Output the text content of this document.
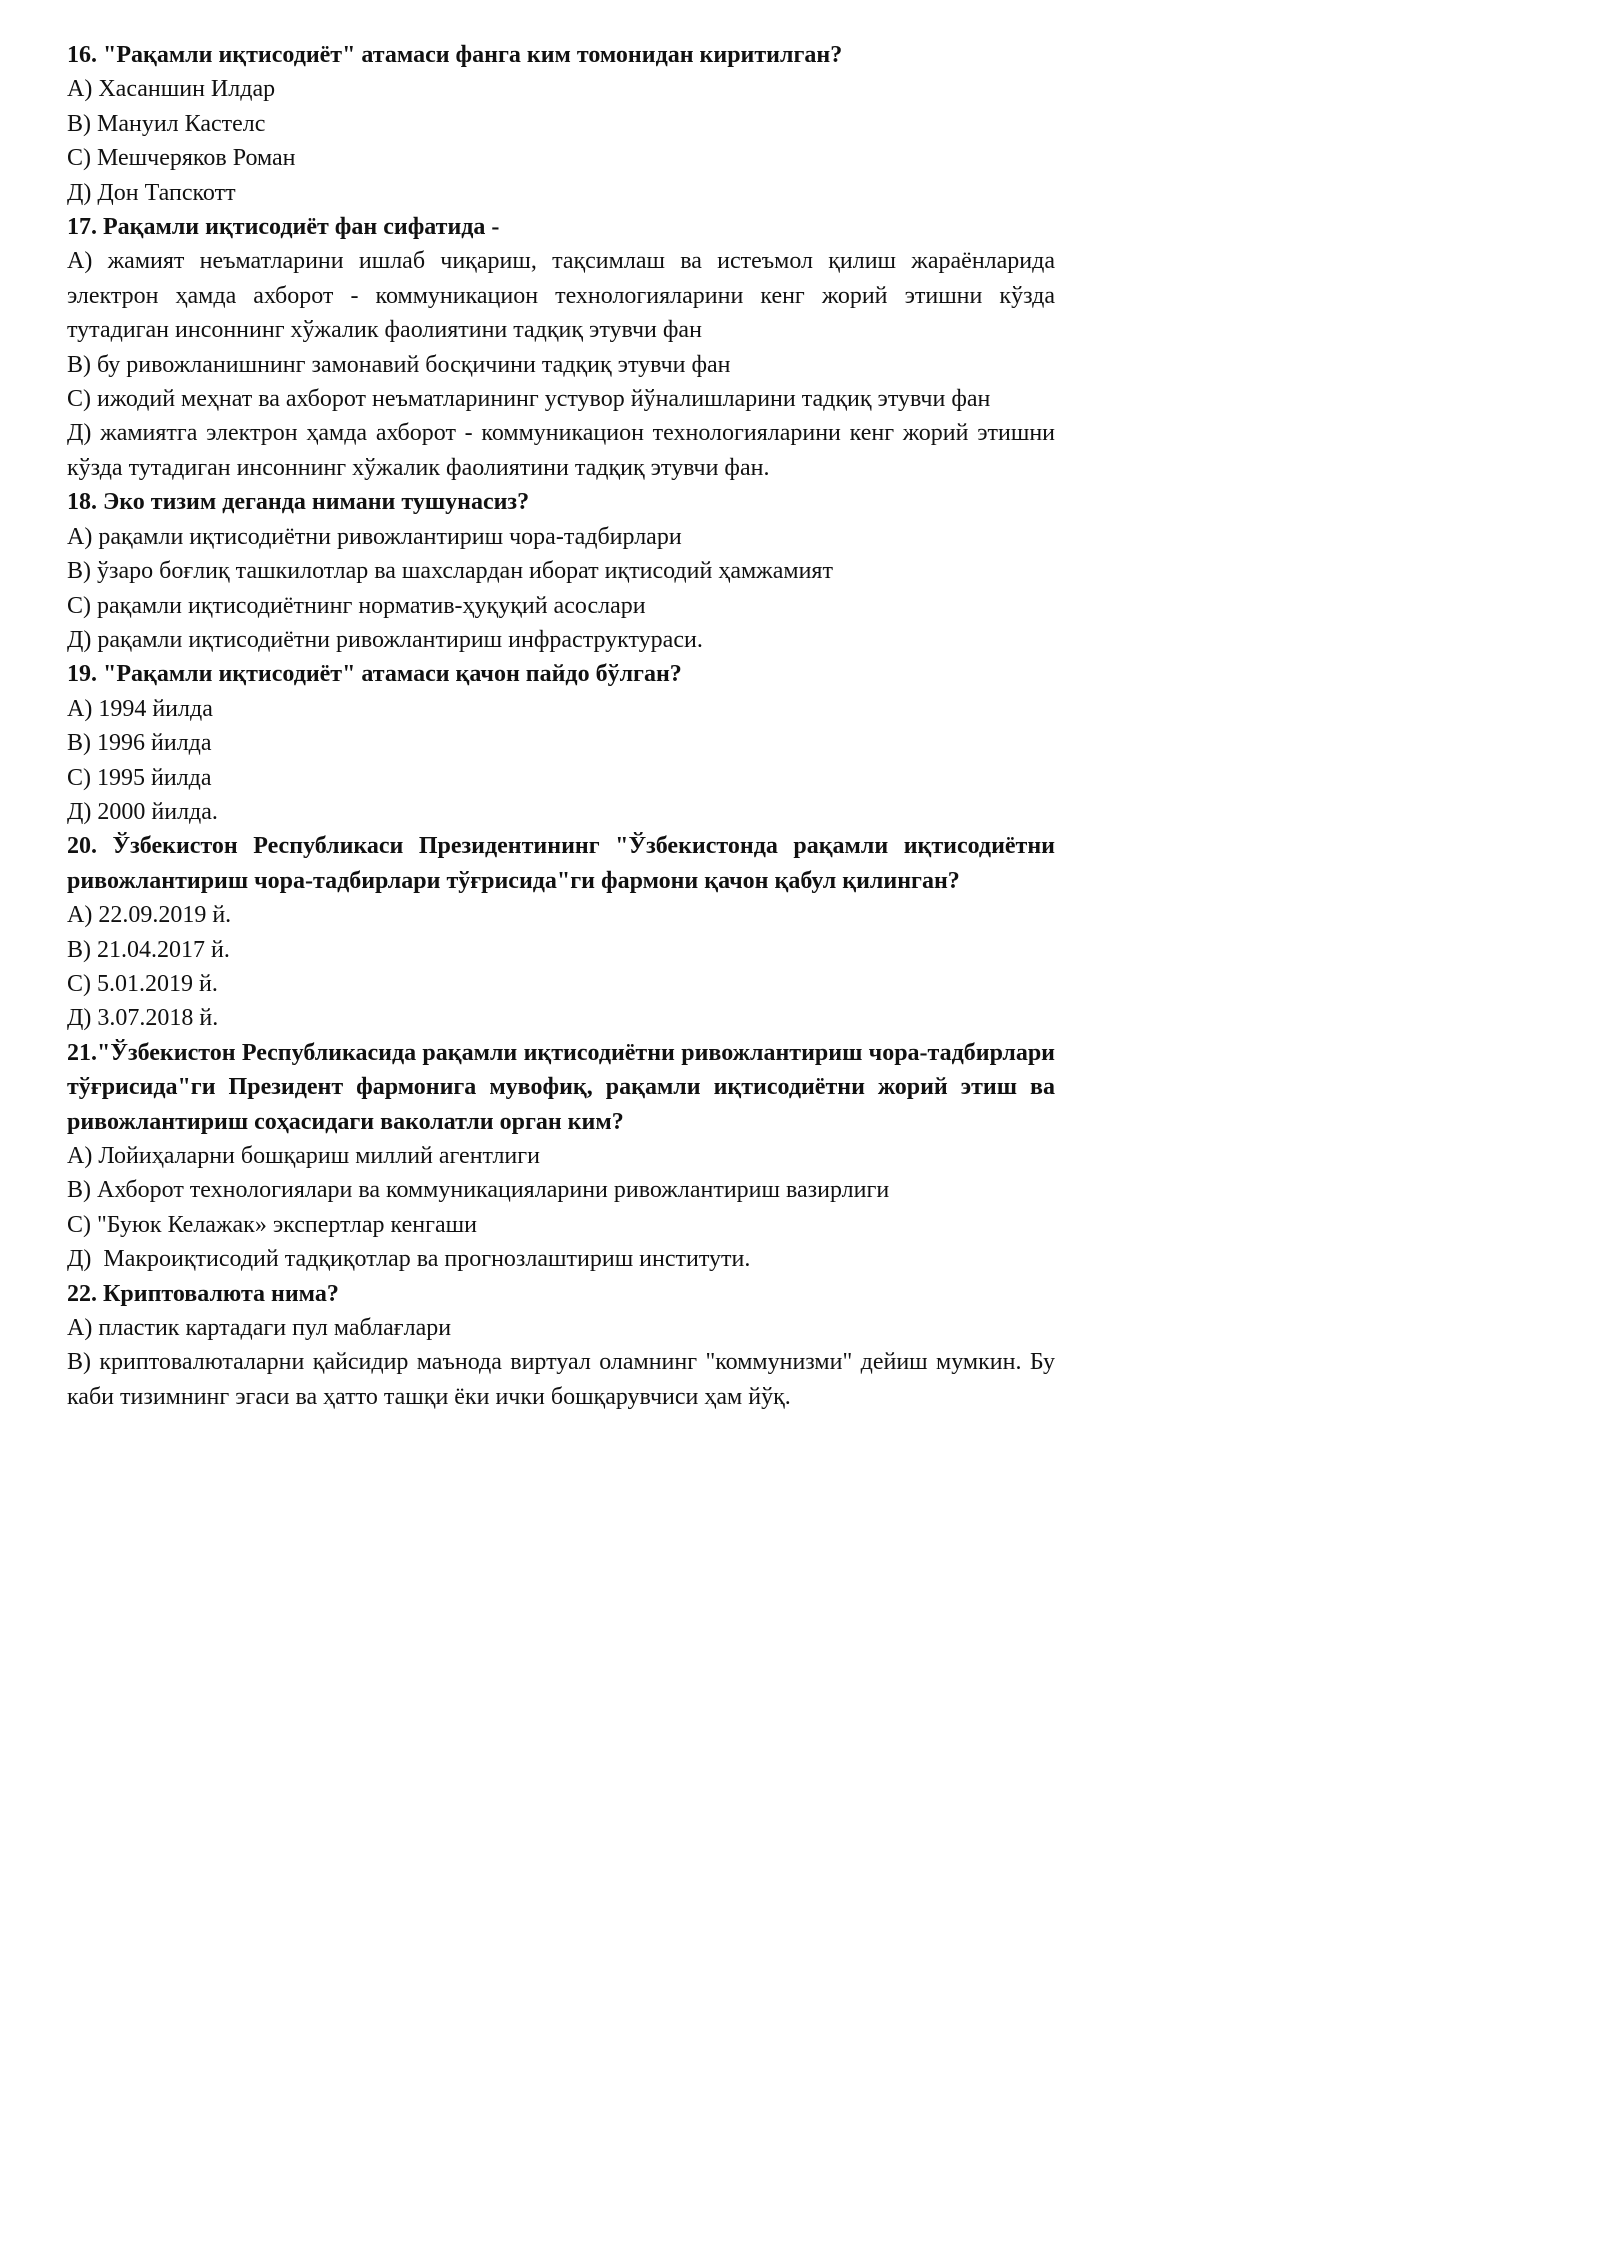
16. "Рақамли иқтисодиёт" атамаси фанга ким томонидан киритилган?

А) Хасаншин Илдар

В) Мануил Кастелс

С) Мешчеряков Роман

Д) Дон Тапскотт

17. Рақамли иқтисодиёт фан сифатида -

А) жамият неъматларини ишлаб чиқариш, тақсимлаш ва истеъмол қилиш жараёнларида электрон ҳамда ахборот - коммуникацион технологияларини кенг жорий этишни кўзда тутадиган инсоннинг хўжалик фаолиятини тадқиқ этувчи фан

В) бу ривожланишнинг замонавий босқичини тадқиқ этувчи фан

С) ижодий меҳнат ва ахборот неъматларининг устувор йўналишларини тадқиқ этувчи фан

Д) жамиятга электрон ҳамда ахборот - коммуникацион технологияларини кенг жорий этишни кўзда тутадиган инсоннинг хўжалик фаолиятини тадқиқ этувчи фан.

18. Эко тизим деганда нимани тушунасиз?

А) рақамли иқтисодиётни ривожлантириш чора-тадбирлари

В) ўзаро боғлиқ ташкилотлар ва шахслардан иборат иқтисодий ҳамжамият

С) рақамли иқтисодиётнинг норматив-ҳуқуқий асослари

Д) рақамли иқтисодиётни ривожлантириш инфраструктураси.

19. "Рақамли иқтисодиёт" атамаси қачон пайдо бўлган?

А) 1994 йилда

В) 1996 йилда

С) 1995 йилда

Д) 2000 йилда.

20. Ўзбекистон Республикаси Президентининг "Ўзбекистонда рақамли иқтисодиётни ривожлантириш чора-тадбирлари тўғрисида"ги фармони қачон қабул қилинган?

А) 22.09.2019 й.

В) 21.04.2017 й.

С) 5.01.2019 й.

Д) 3.07.2018 й.

21."Ўзбекистон Республикасида рақамли иқтисодиётни ривожлантириш чора-тадбирлари тўғрисида"ги Президент фармонига мувофиқ, рақамли иқтисодиётни жорий этиш ва ривожлантириш соҳасидаги ваколатли орган ким?

А) Лойиҳаларни бошқариш миллий агентлиги

В) Ахборот технологиялари ва коммуникацияларини ривожлантириш вазирлиги

С) "Буюк Келажак» экспертлар кенгаши

Д)  Макроиқтисодий тадқиқотлар ва прогнозлаштириш институти.

22. Криптовалюта нима?

А) пластик картадаги пул маблағлари

В) криптовалюталарни қайсидир маънода виртуал оламнинг "коммунизми" дейиш мумкин. Бу каби тизимнинг эгаси ва ҳатто ташқи ёки ички бошқарувчиси ҳам йўқ.
